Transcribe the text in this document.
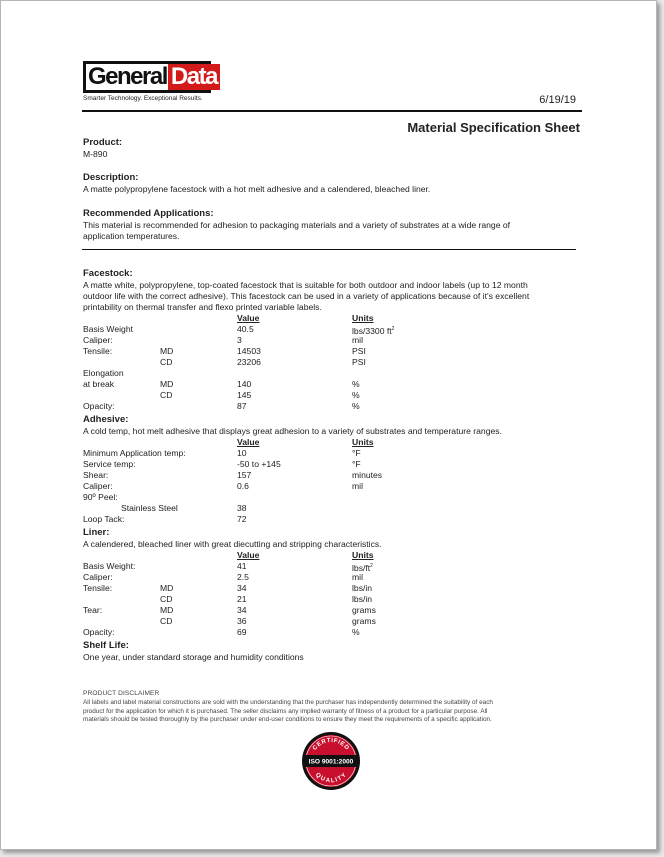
General Data
Smarter Technology. Exceptional Results.	6/19/19
Material Specification Sheet
Product:
M-890
Description:
A matte polypropylene facestock with a hot melt adhesive and a calendered, bleached liner.
Recommended Applications:
This material is recommended for adhesion to packaging materials and a variety of substrates at a wide range of
application temperatures.
Facestock:
A matte white, polypropylene, top-coated facestock that is suitable for both outdoor and indoor labels (up to 12 month
outdoor life with the correct adhesive). This facestock can be used in a variety of applications because of it's excellent
printability on thermal transfer and flexo printed variable labels.
Value	Units
Basis Weight	40.5	lbs/3300 $ft^2$
Caliper:	3	mil
Tensile:	MD	14503	PSI
CD	23206	PSI
Elongation
at break	MD	140	%
CD	145	%
Opacity:	87	%
Adhesive:
A cold temp, hot melt adhesive that displays great adhesion to a variety of substrates and temperature ranges.
Value	Units
Minimum Application temp:	10	°F
Service temp:	-50 to +145	°F
Shear:	157	minutes
Caliper:	0.6	mil
90º Peel:
Stainless Steel	38
Loop Tack:	72
Liner:
A calendered, bleached liner with great diecutting and stripping characteristics.
Value	Units
Basis Weight:	41	lbs/$ft^2$
Caliper:	2.5	mil
Tensile:	MD	34	lbs/in
CD	21	lbs/in
Tear:	MD	34	grams
CD	36	grams
Opacity:	69	%
Shelf Life:
One year, under standard storage and humidity conditions
PRODUCT DISCLAIMER
All labels and label material constructions are sold with the understanding that the purchaser has independently determined the suitability of each
product for the application for which it is purchased. The seller disclaims any implied warranty of fitness of a product for a particular purpose. All
materials should be tested thoroughly by the purchaser under end-user conditions to ensure they meet the requirements of a specific application.
CERTIFIED
ISO 9001:2000
QUALITY
